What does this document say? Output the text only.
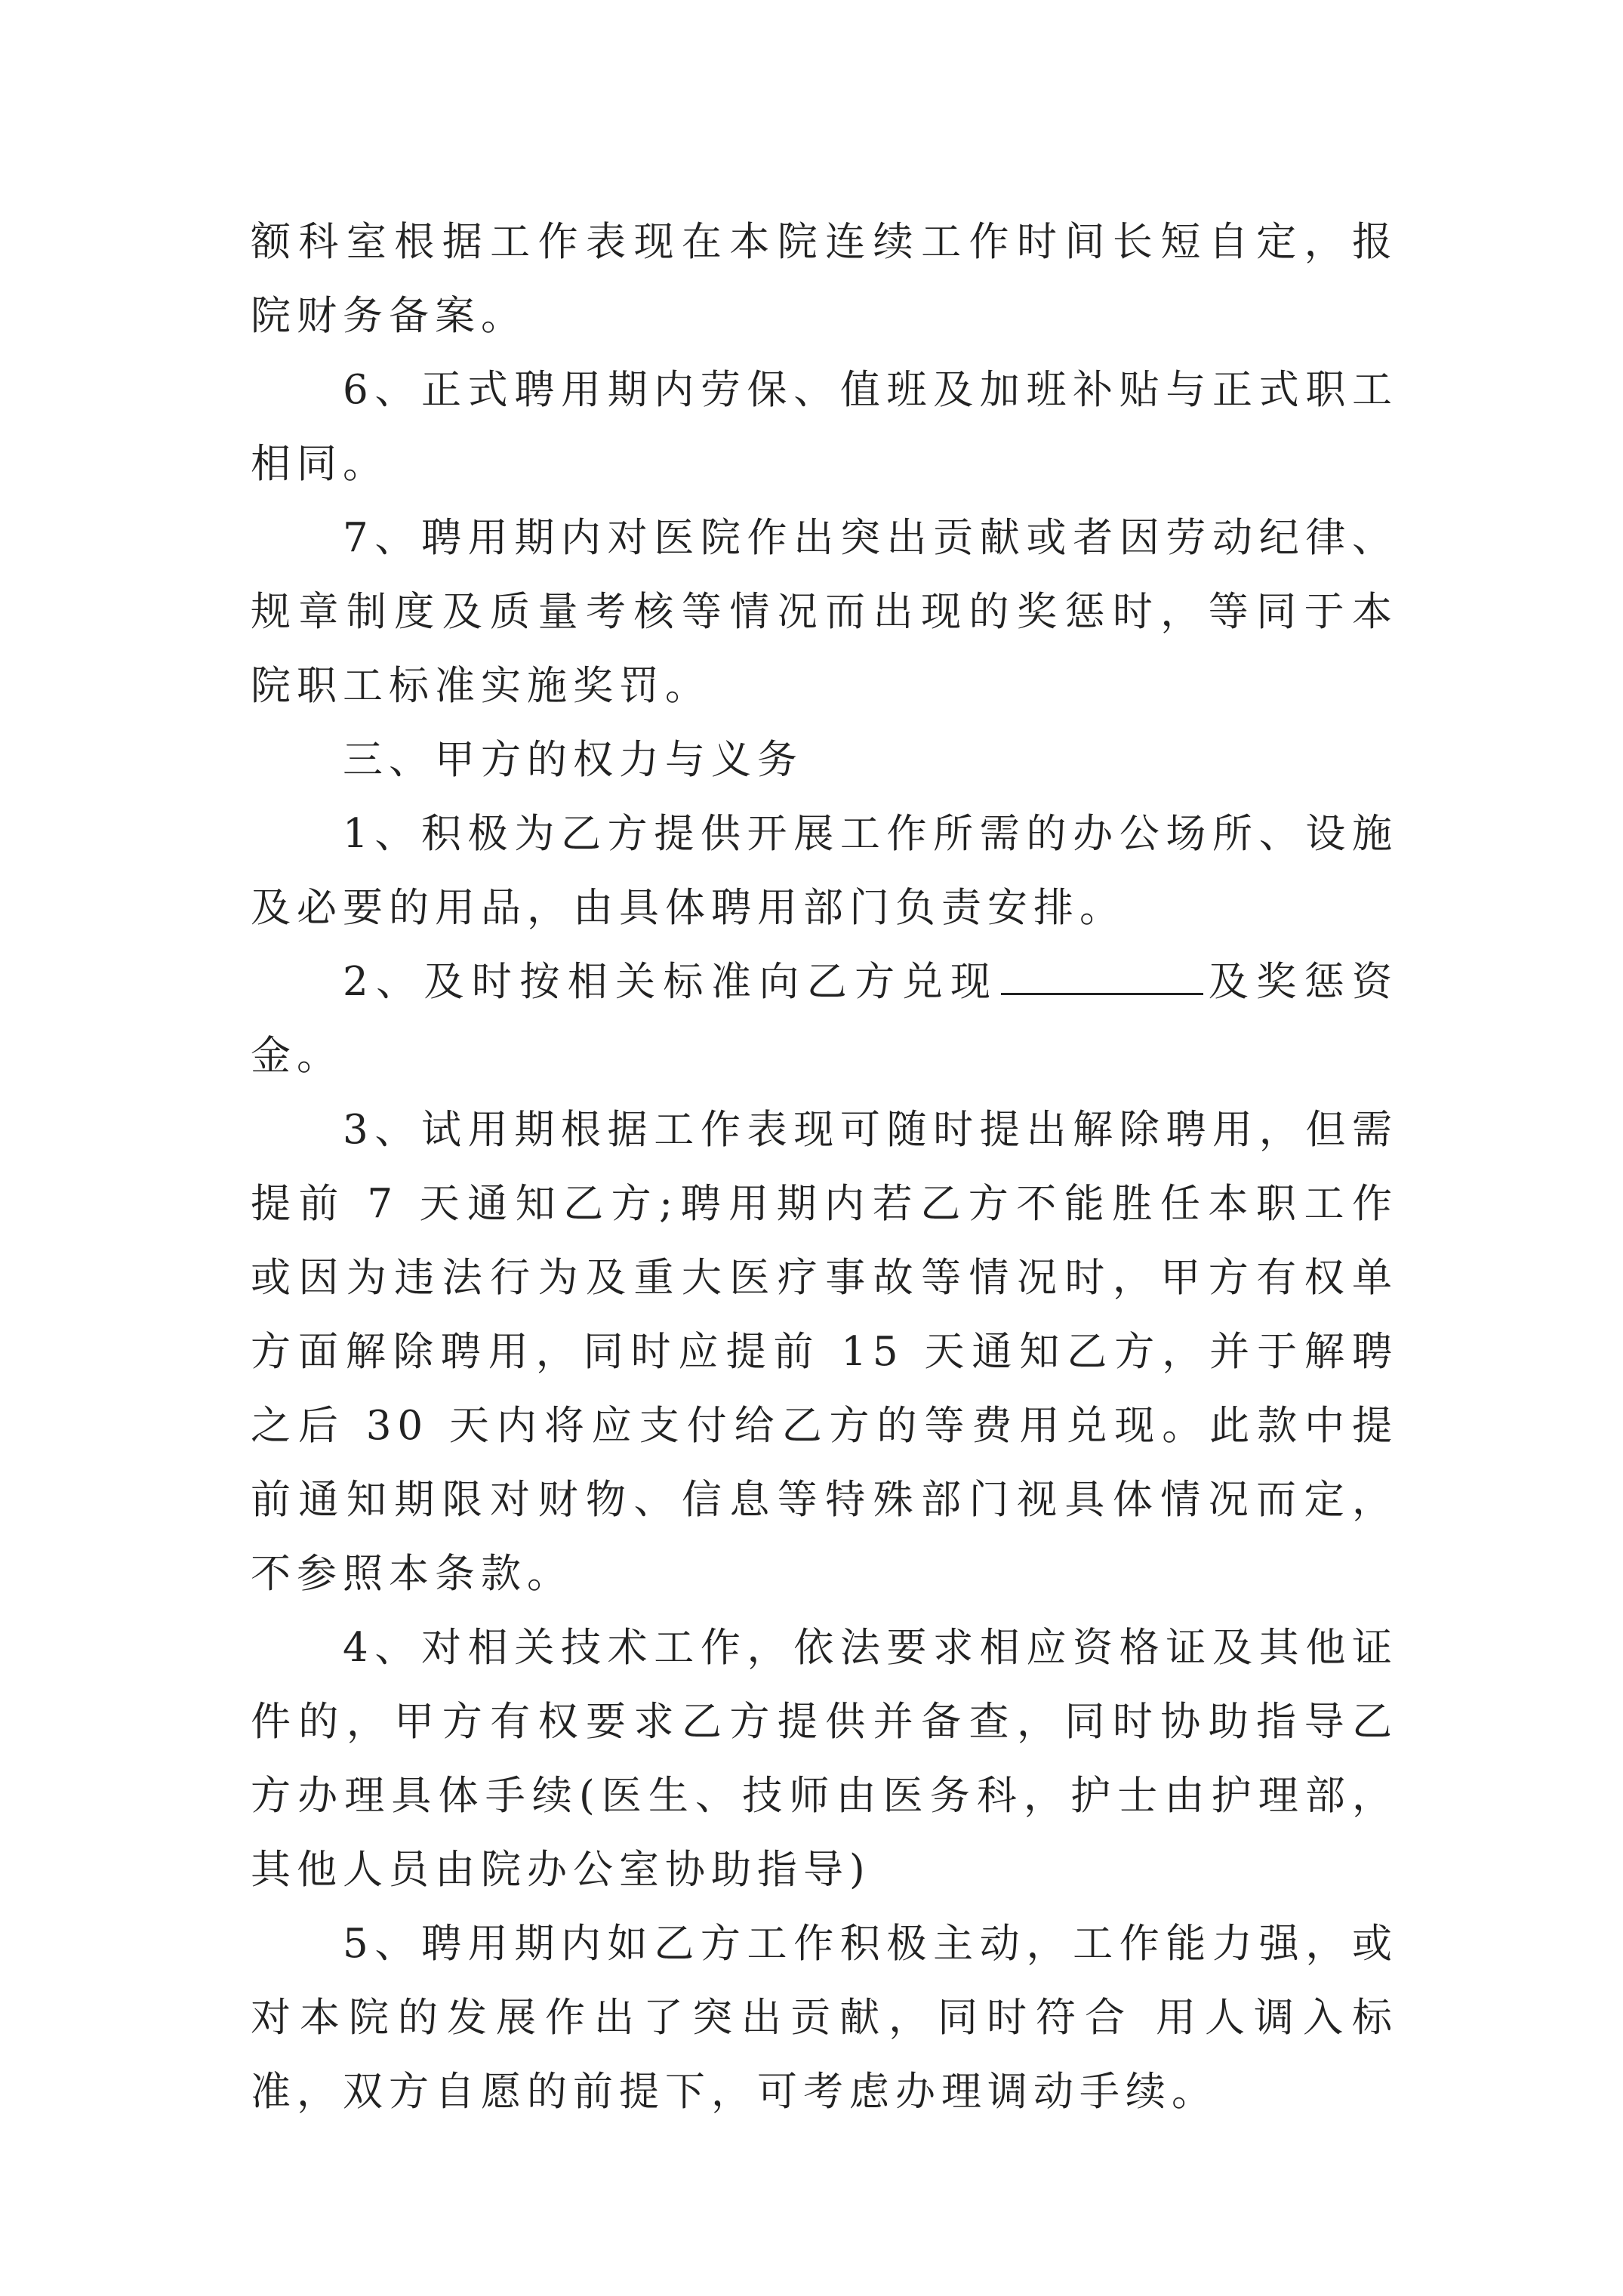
额科室根据工作表现在本院连续工作时间长短自定，报院财务备案。

6、正式聘用期内劳保、值班及加班补贴与正式职工相同。

7、聘用期内对医院作出突出贡献或者因劳动纪律、规章制度及质量考核等情况而出现的奖惩时，等同于本院职工标准实施奖罚。

三、甲方的权力与义务

1、积极为乙方提供开展工作所需的办公场所、设施及必要的用品，由具体聘用部门负责安排。

2、及时按相关标准向乙方兑现	及奖惩资金。

3、试用期根据工作表现可随时提出解除聘用，但需提前 7 天通知乙方;聘用期内若乙方不能胜任本职工作或因为违法行为及重大医疗事故等情况时，甲方有权单方面解除聘用，同时应提前 15 天通知乙方，并于解聘之后 30 天内将应支付给乙方的等费用兑现。此款中提前通知期限对财物、信息等特殊部门视具体情况而定，不参照本条款。

4、对相关技术工作，依法要求相应资格证及其他证件的，甲方有权要求乙方提供并备查，同时协助指导乙方办理具体手续(医生、技师由医务科，护士由护理部，其他人员由院办公室协助指导)

5、聘用期内如乙方工作积极主动，工作能力强，或对本院的发展作出了突出贡献，同时符合 用人调入标准，双方自愿的前提下，可考虑办理调动手续。
